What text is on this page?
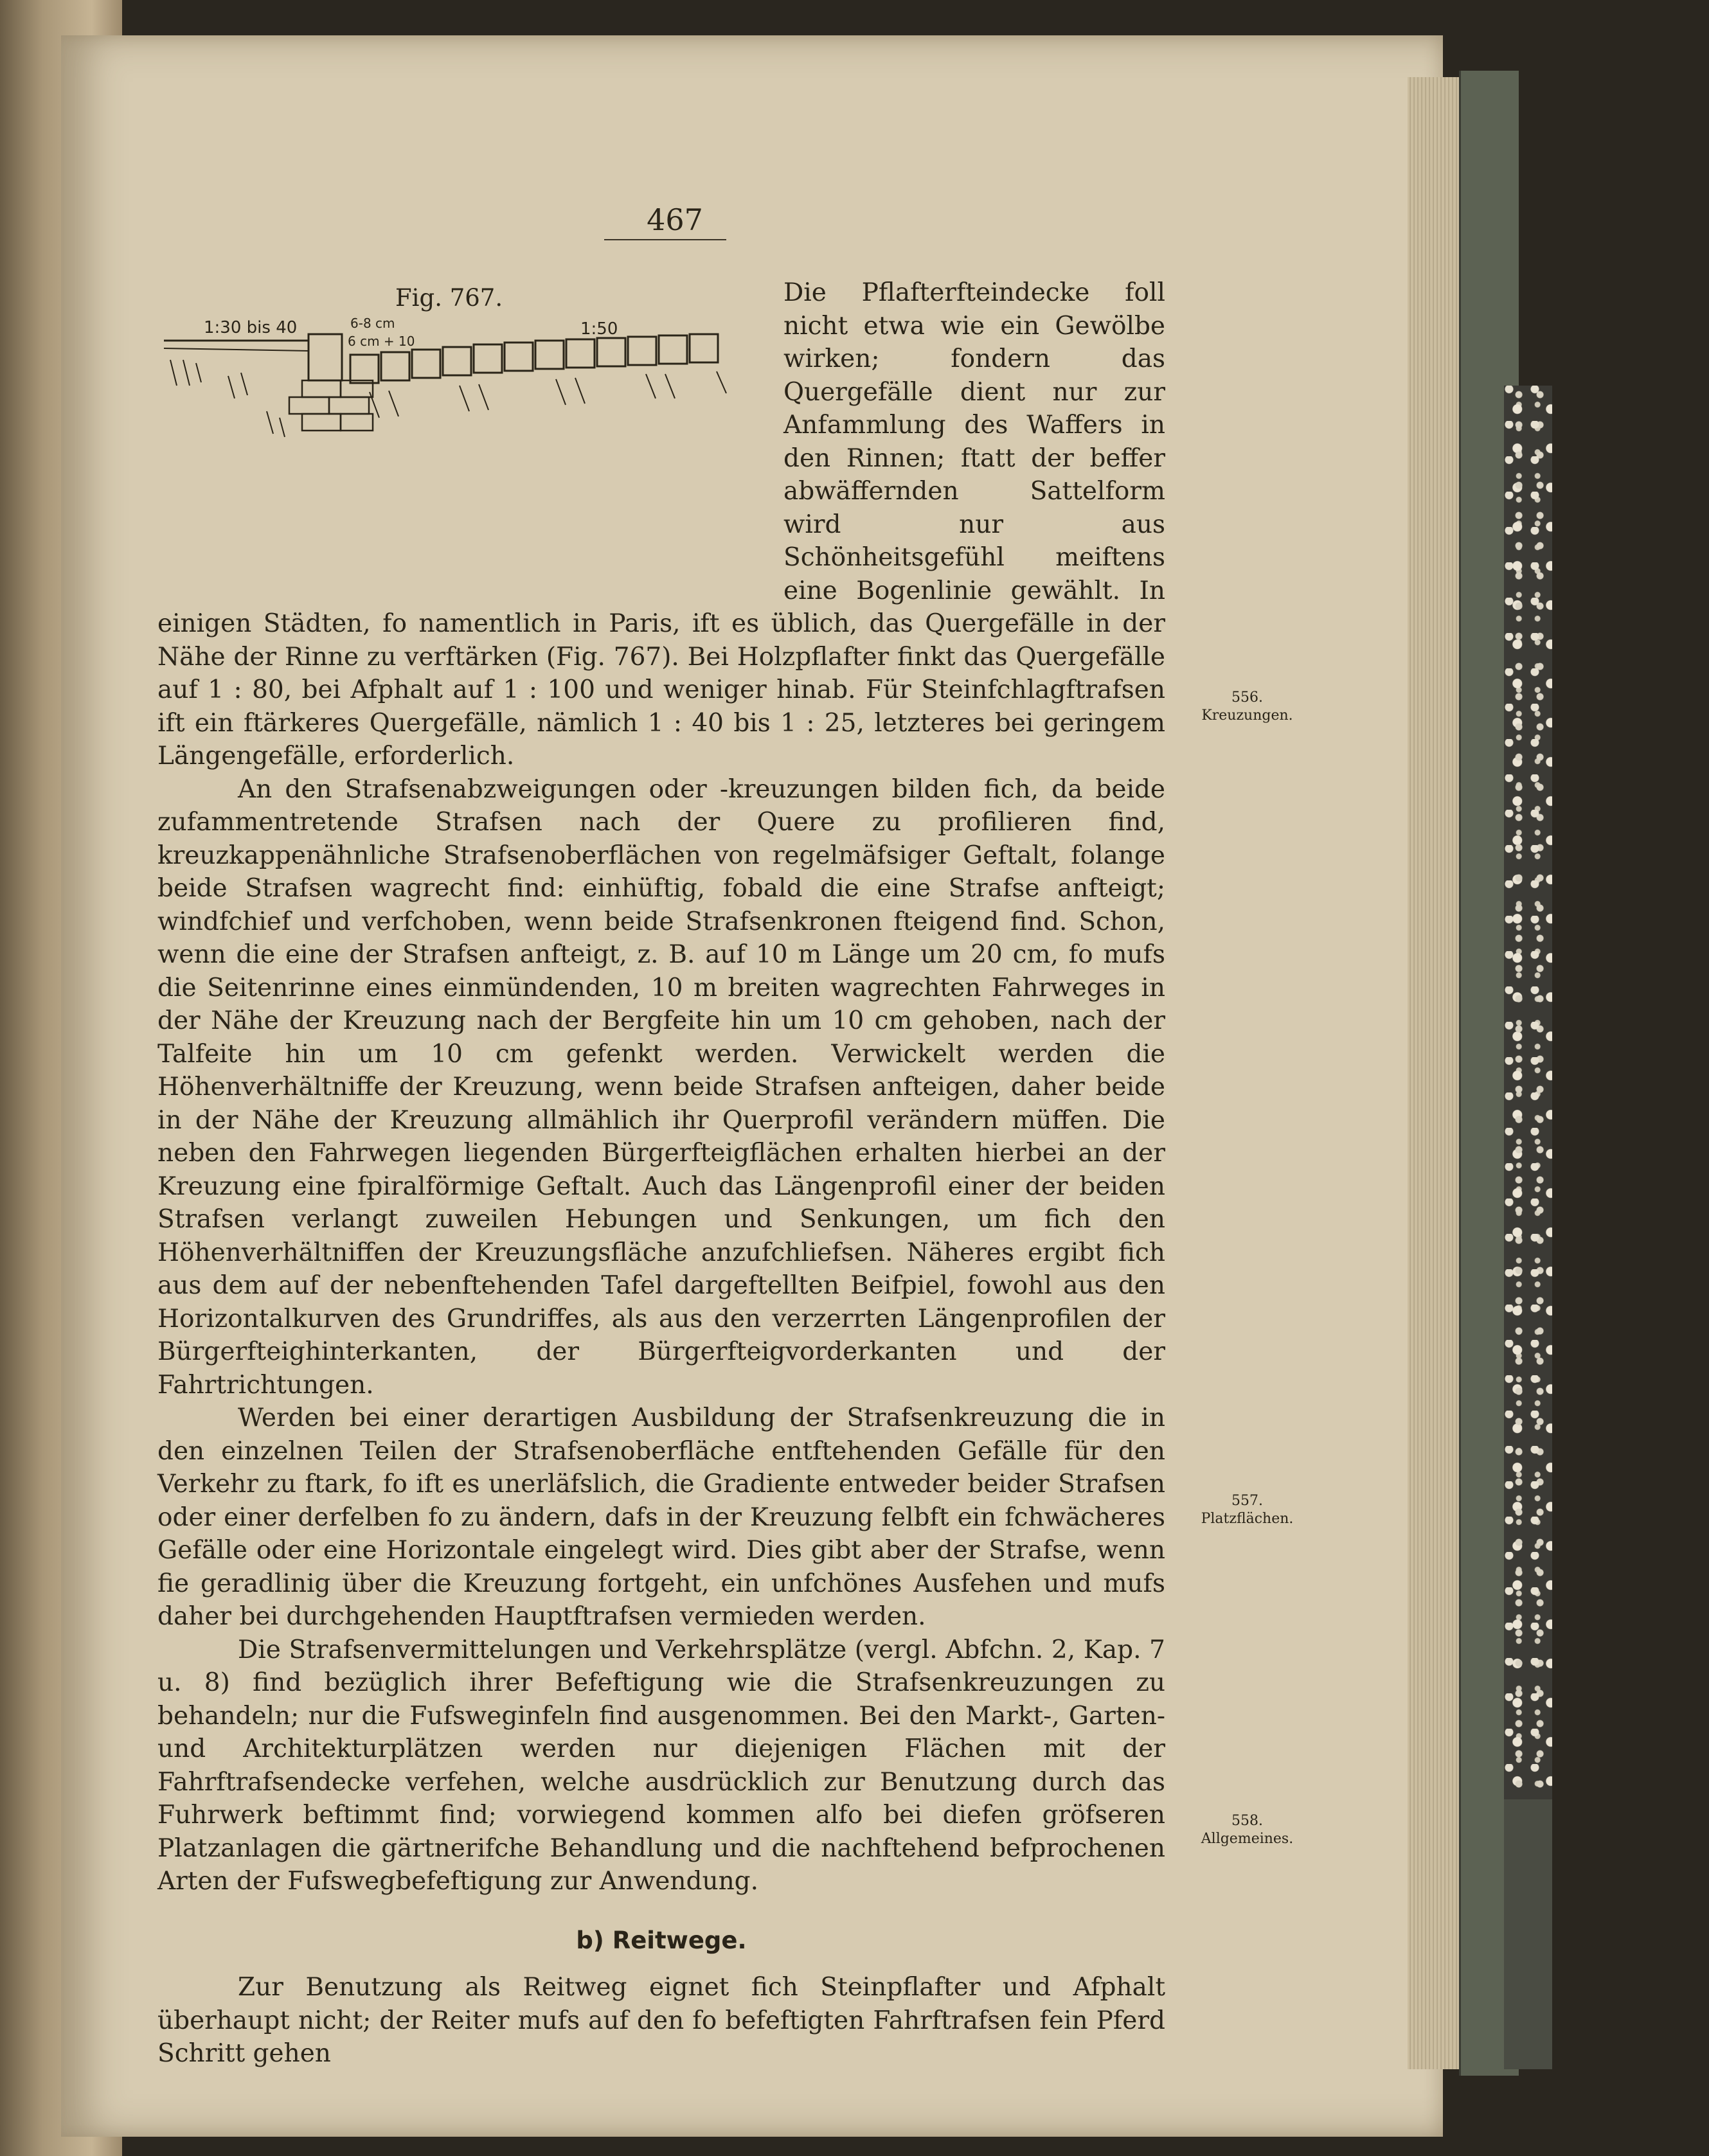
467
Fig. 767.
1:30 bis 40	1:50
6-8 cm
6 cm + 10

Die Pflafterfteindecke foll nicht etwa wie ein Gewölbe wirken; fondern das Quergefälle dient nur zur Anfammlung des Waffers in den Rinnen; ftatt der beffer abwäffernden Sattelform wird nur aus Schönheitsgefühl meiftens eine Bogenlinie gewählt. In einigen Städten, fo namentlich in Paris, ift es üblich, das Quergefälle in der Nähe der Rinne zu verftärken (Fig. 767). Bei Holzpflafter finkt das Quergefälle auf 1 : 80, bei Afphalt auf 1 : 100 und weniger hinab. Für Steinfchlagftrafsen ift ein ftärkeres Quergefälle, nämlich 1 : 40 bis 1 : 25, letzteres bei geringem Längengefälle, erforderlich.

An den Strafsenabzweigungen oder -kreuzungen bilden fich, da beide zufammentretende Strafsen nach der Quere zu profilieren find, kreuzkappenähnliche Strafsenoberflächen von regelmäfsiger Geftalt, folange beide Strafsen wagrecht find: einhüftig, fobald die eine Strafse anfteigt; windfchief und verfchoben, wenn beide Strafsenkronen fteigend find. Schon, wenn die eine der Strafsen anfteigt, z. B. auf 10 m Länge um 20 cm, fo mufs die Seitenrinne eines einmündenden, 10 m breiten wagrechten Fahrweges in der Nähe der Kreuzung nach der Bergfeite hin um 10 cm gehoben, nach der Talfeite hin um 10 cm gefenkt werden. Verwickelt werden die Höhenverhältniffe der Kreuzung, wenn beide Strafsen anfteigen, daher beide in der Nähe der Kreuzung allmählich ihr Querprofil verändern müffen. Die neben den Fahrwegen liegenden Bürgerfteigflächen erhalten hierbei an der Kreuzung eine fpiralförmige Geftalt. Auch das Längenprofil einer der beiden Strafsen verlangt zuweilen Hebungen und Senkungen, um fich den Höhenverhältniffen der Kreuzungsfläche anzufchliefsen. Näheres ergibt fich aus dem auf der nebenftehenden Tafel dargeftellten Beifpiel, fowohl aus den Horizontalkurven des Grundriffes, als aus den verzerrten Längenprofilen der Bürgerfteighinterkanten, der Bürgerfteigvorderkanten und der Fahrtrichtungen.

Werden bei einer derartigen Ausbildung der Strafsenkreuzung die in den einzelnen Teilen der Strafsenoberfläche entftehenden Gefälle für den Verkehr zu ftark, fo ift es unerläfslich, die Gradiente entweder beider Strafsen oder einer derfelben fo zu ändern, dafs in der Kreuzung felbft ein fchwächeres Gefälle oder eine Horizontale eingelegt wird. Dies gibt aber der Strafse, wenn fie geradlinig über die Kreuzung fortgeht, ein unfchönes Ausfehen und mufs daher bei durchgehenden Hauptftrafsen vermieden werden.

Die Strafsenvermittelungen und Verkehrsplätze (vergl. Abfchn. 2, Kap. 7 u. 8) find bezüglich ihrer Befeftigung wie die Strafsenkreuzungen zu behandeln; nur die Fufsweginfeln find ausgenommen. Bei den Markt-, Garten- und Architekturplätzen werden nur diejenigen Flächen mit der Fahrftrafsendecke verfehen, welche ausdrücklich zur Benutzung durch das Fuhrwerk beftimmt find; vorwiegend kommen alfo bei diefen gröfseren Platzanlagen die gärtnerifche Behandlung und die nachftehend befprochenen Arten der Fufswegbefeftigung zur Anwendung.

b) Reitwege.

Zur Benutzung als Reitweg eignet fich Steinpflafter und Afphalt überhaupt nicht; der Reiter mufs auf den fo befeftigten Fahrftrafsen fein Pferd Schritt gehen

556.
Kreuzungen.
557.
Platzflächen.
558.
Allgemeines.
